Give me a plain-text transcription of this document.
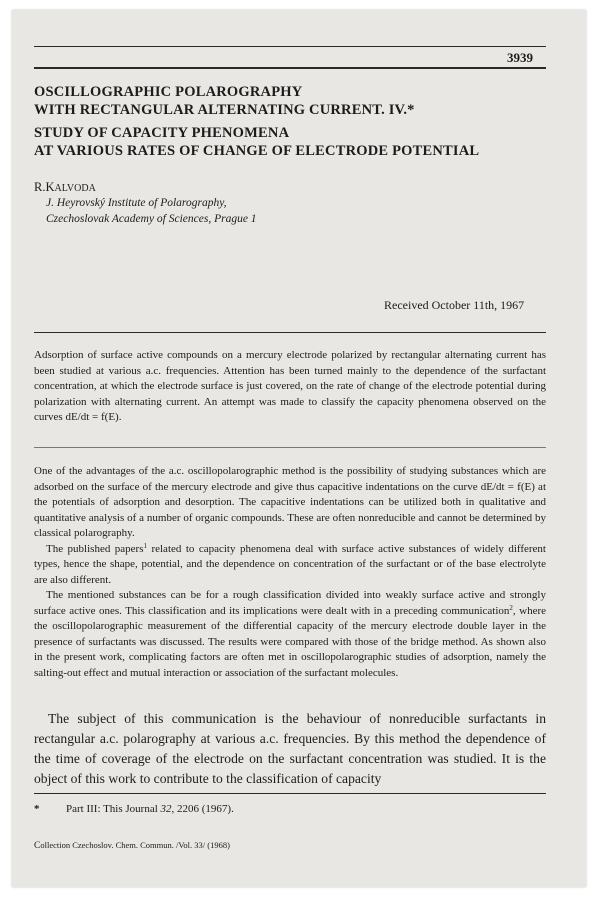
3939
OSCILLOGRAPHIC POLAROGRAPHY
WITH RECTANGULAR ALTERNATING CURRENT. IV.*
STUDY OF CAPACITY PHENOMENA
AT VARIOUS RATES OF CHANGE OF ELECTRODE POTENTIAL
R.KALVODA
J. Heyrovský Institute of Polarography,
Czechoslovak Academy of Sciences, Prague 1
Received October 11th, 1967

Adsorption of surface active compounds on a mercury electrode polarized by rectangular alternating current has been studied at various a.c. frequencies. Attention has been turned mainly to the dependence of the surfactant concentration, at which the electrode surface is just covered, on the rate of change of the electrode potential during polarization with alternating current. An attempt was made to classify the capacity phenomena observed on the curves dE/dt = f(E).

One of the advantages of the a.c. oscillopolarographic method is the possibility of studying substances which are adsorbed on the surface of the mercury electrode and give thus capacitive indentations on the curve dE/dt = f(E) at the potentials of adsorption and desorption. The capacitive indentations can be utilized both in qualitative and quantitative analysis of a number of organic compounds. These are often nonreducible and cannot be determined by classical polarography.

The published papers$^1$ related to capacity phenomena deal with surface active substances of widely different types, hence the shape, potential, and the dependence on concentration of the surfactant or of the base electrolyte are also different.

The mentioned substances can be for a rough classification divided into weakly surface active and strongly surface active ones. This classification and its implications were dealt with in a preceding communication$^2$, where the oscillopolarographic measurement of the differential capacity of the mercury electrode double layer in the presence of surfactants was discussed. The results were compared with those of the bridge method. As shown also in the present work, complicating factors are often met in oscillopolarographic studies of adsorption, namely the salting-out effect and mutual interaction or association of the surfactant molecules.

The subject of this communication is the behaviour of nonreducible surfactants in rectangular a.c. polarography at various a.c. frequencies. By this method the dependence of the time of coverage of the electrode on the surfactant concentration was studied. It is the object of this work to contribute to the classification of capacity

* Part III: This Journal 32, 2206 (1967).
Collection Czechoslov. Chem. Commun. /Vol. 33/ (1968)
